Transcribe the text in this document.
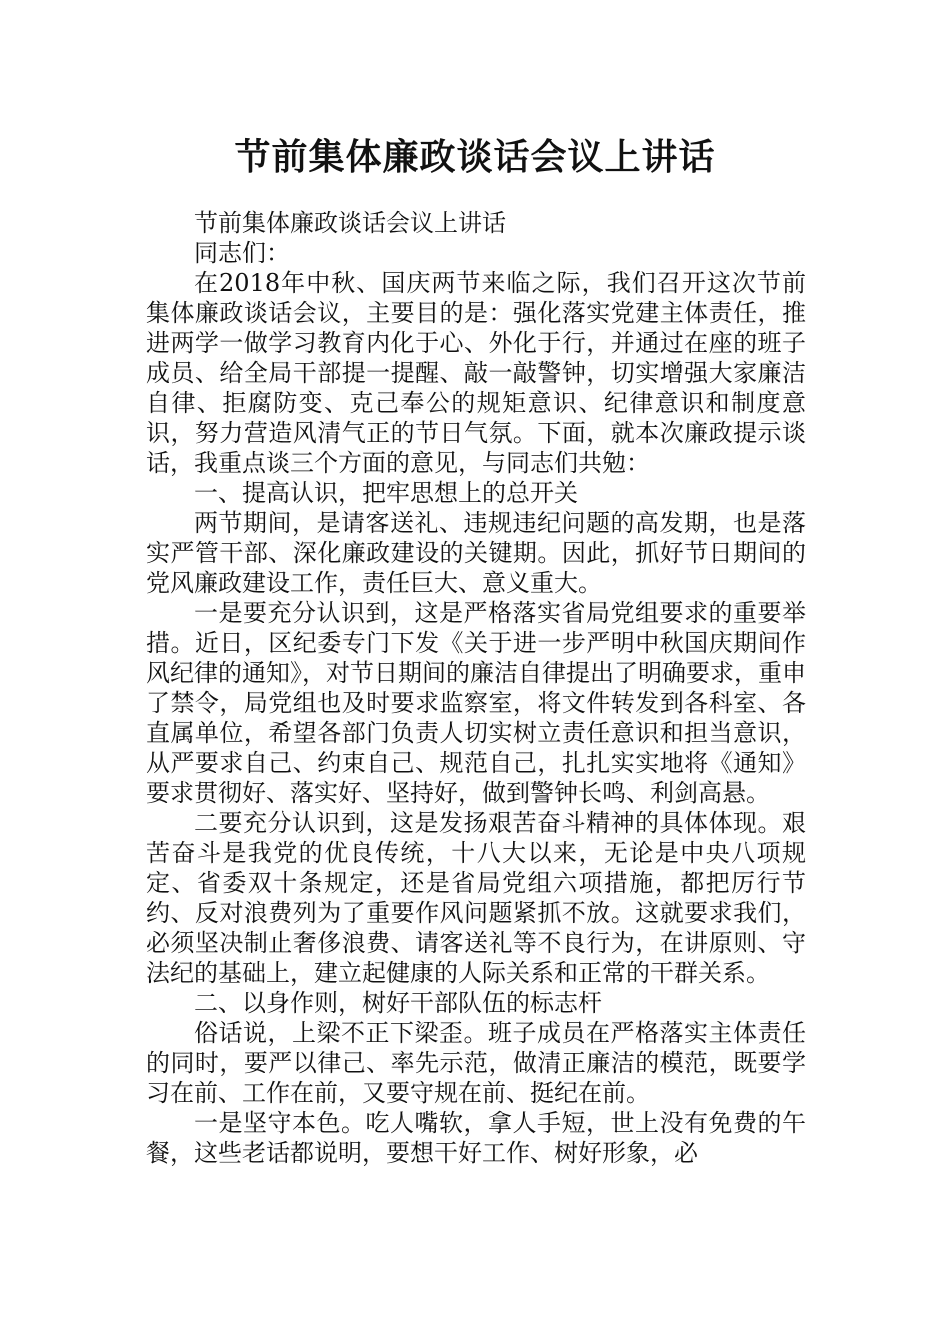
节前集体廉政谈话会议上讲话

节前集体廉政谈话会议上讲话

同志们：

在2018年中秋、国庆两节来临之际，我们召开这次节前集体廉政谈话会议，主要目的是：强化落实党建主体责任，推进两学一做学习教育内化于心、外化于行，并通过在座的班子成员、给全局干部提一提醒、敲一敲警钟，切实增强大家廉洁自律、拒腐防变、克己奉公的规矩意识、纪律意识和制度意识，努力营造风清气正的节日气氛。下面，就本次廉政提示谈话，我重点谈三个方面的意见，与同志们共勉：

一、提高认识，把牢思想上的总开关

两节期间，是请客送礼、违规违纪问题的高发期，也是落实严管干部、深化廉政建设的关键期。因此，抓好节日期间的党风廉政建设工作，责任巨大、意义重大。

一是要充分认识到，这是严格落实省局党组要求的重要举措。近日，区纪委专门下发《关于进一步严明中秋国庆期间作风纪律的通知》，对节日期间的廉洁自律提出了明确要求，重申了禁令，局党组也及时要求监察室，将文件转发到各科室、各直属单位，希望各部门负责人切实树立责任意识和担当意识，从严要求自己、约束自己、规范自己，扎扎实实地将《通知》要求贯彻好、落实好、坚持好，做到警钟长鸣、利剑高悬。

二要充分认识到，这是发扬艰苦奋斗精神的具体体现。艰苦奋斗是我党的优良传统，十八大以来，无论是中央八项规定、省委双十条规定，还是省局党组六项措施，都把厉行节约、反对浪费列为了重要作风问题紧抓不放。这就要求我们，必须坚决制止奢侈浪费、请客送礼等不良行为，在讲原则、守法纪的基础上，建立起健康的人际关系和正常的干群关系。

二、以身作则，树好干部队伍的标志杆

俗话说，上梁不正下梁歪。班子成员在严格落实主体责任的同时，要严以律己、率先示范，做清正廉洁的模范，既要学习在前、工作在前，又要守规在前、挺纪在前。

一是坚守本色。吃人嘴软，拿人手短，世上没有免费的午餐，这些老话都说明，要想干好工作、树好形象，必
